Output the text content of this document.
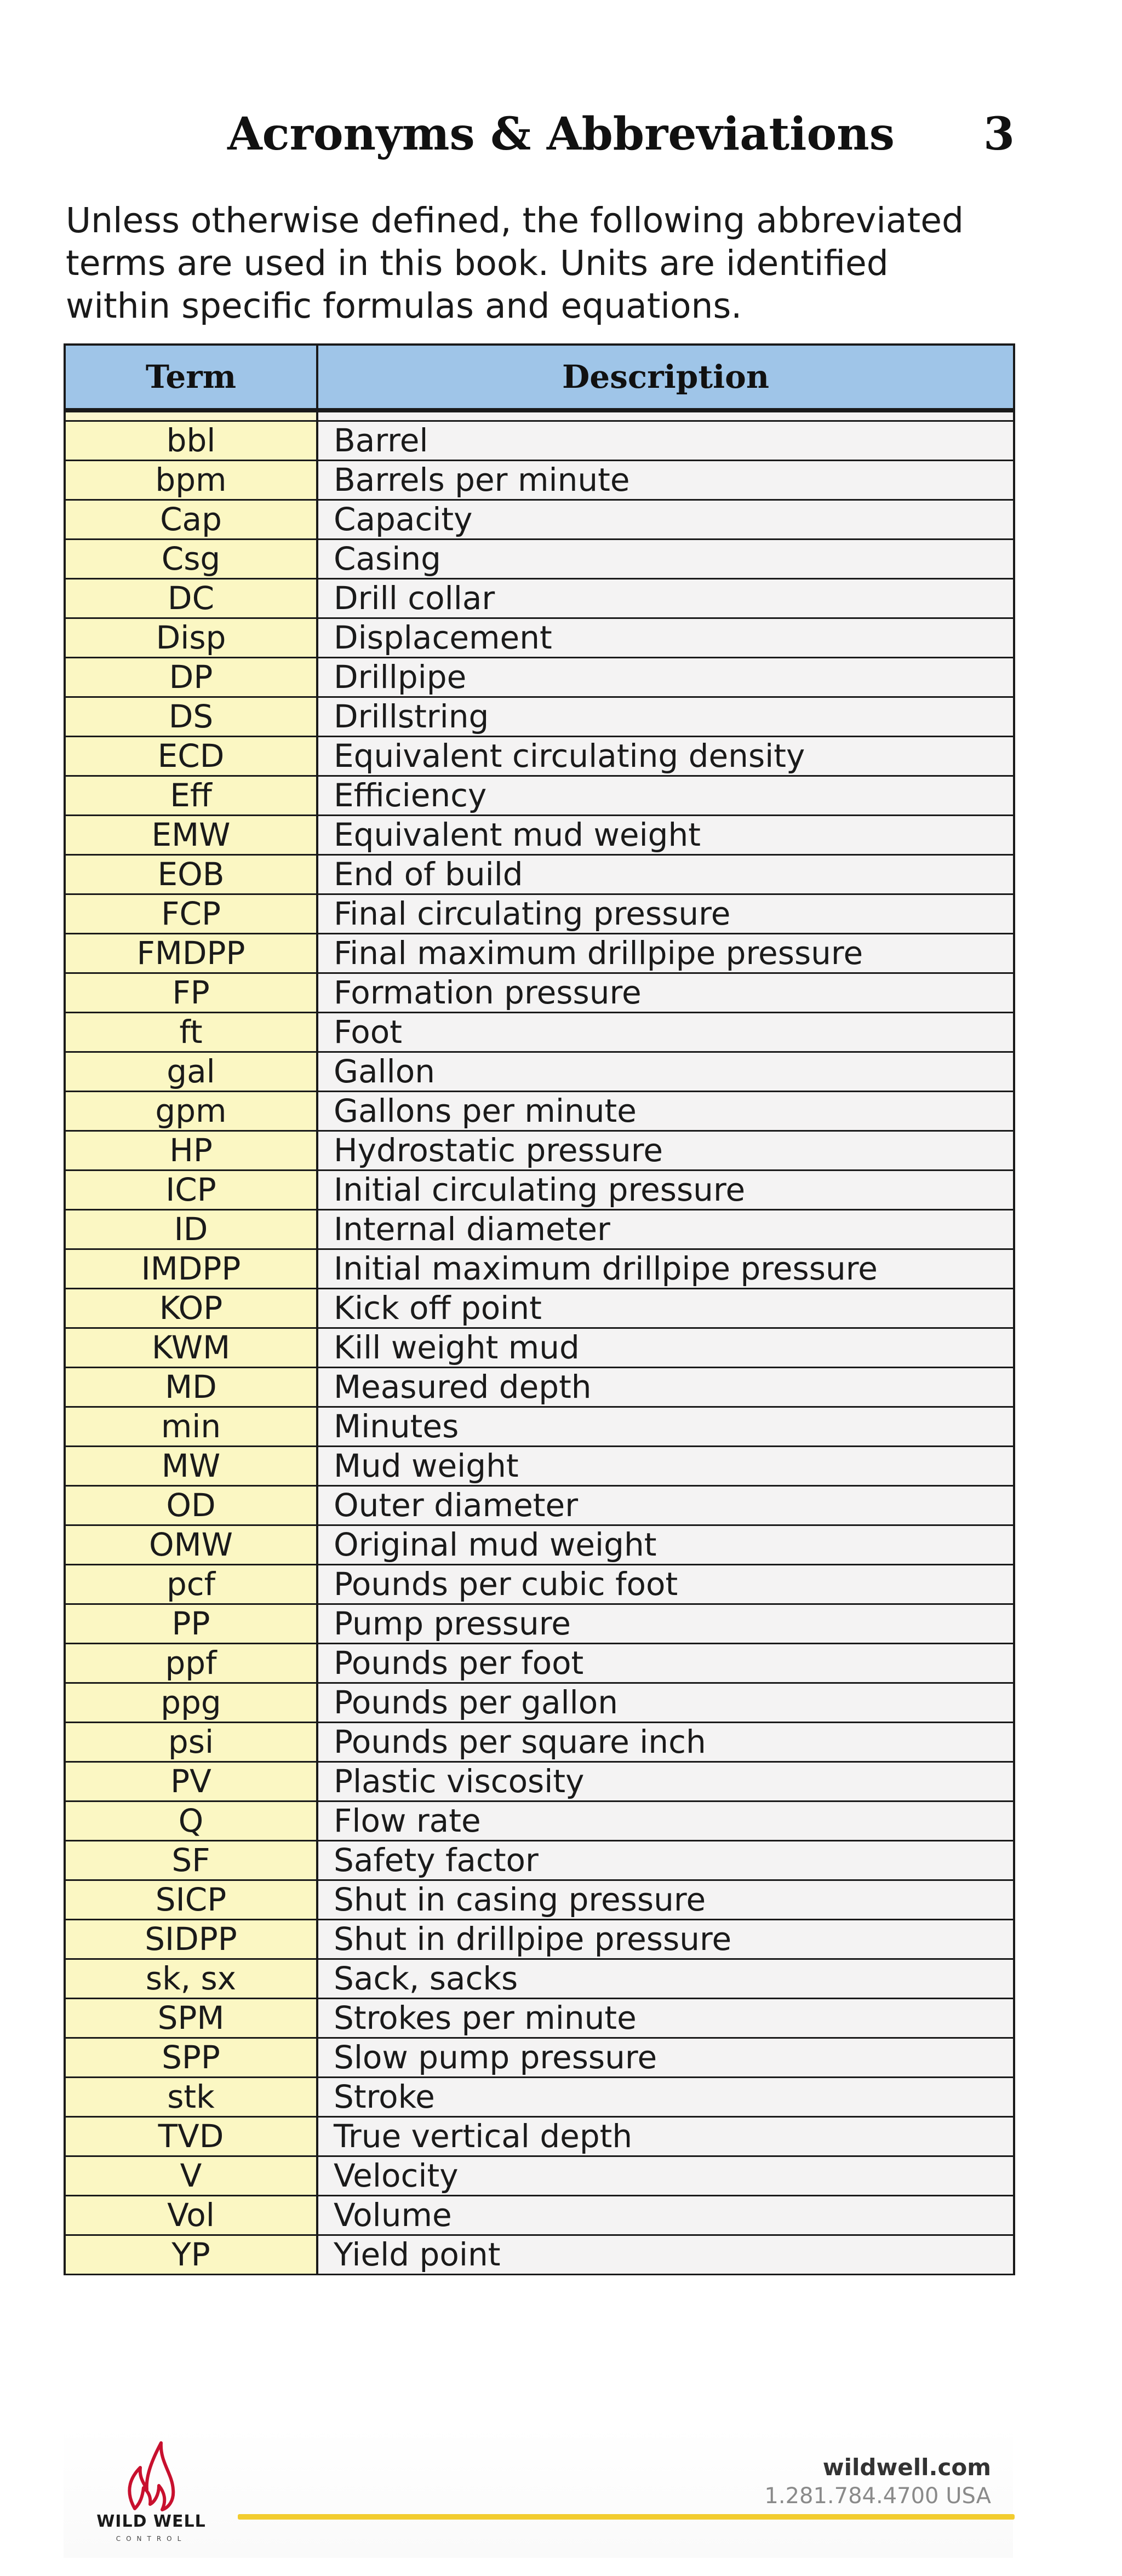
Acronyms & Abbreviations	3
Unless otherwise defined, the following abbreviated terms are used in this book. Units are identified within specific formulas and equations.
Term	Description

bbl	Barrel
bpm	Barrels per minute
Cap	Capacity
Csg	Casing
DC	Drill collar
Disp	Displacement
DP	Drillpipe
DS	Drillstring
ECD	Equivalent circulating density
Eff	Efficiency
EMW	Equivalent mud weight
EOB	End of build
FCP	Final circulating pressure
FMDPP	Final maximum drillpipe pressure
FP	Formation pressure
ft	Foot
gal	Gallon
gpm	Gallons per minute
HP	Hydrostatic pressure
ICP	Initial circulating pressure
ID	Internal diameter
IMDPP	Initial maximum drillpipe pressure
KOP	Kick off point
KWM	Kill weight mud
MD	Measured depth
min	Minutes
MW	Mud weight
OD	Outer diameter
OMW	Original mud weight
pcf	Pounds per cubic foot
PP	Pump pressure
ppf	Pounds per foot
ppg	Pounds per gallon
psi	Pounds per square inch
PV	Plastic viscosity
Q	Flow rate
SF	Safety factor
SICP	Shut in casing pressure
SIDPP	Shut in drillpipe pressure
sk, sx	Sack, sacks
SPM	Strokes per minute
SPP	Slow pump pressure
stk	Stroke
TVD	True vertical depth
V	Velocity
Vol	Volume
YP	Yield point
WILD WELL
CONTROL
wildwell.com
1.281.784.4700 USA
